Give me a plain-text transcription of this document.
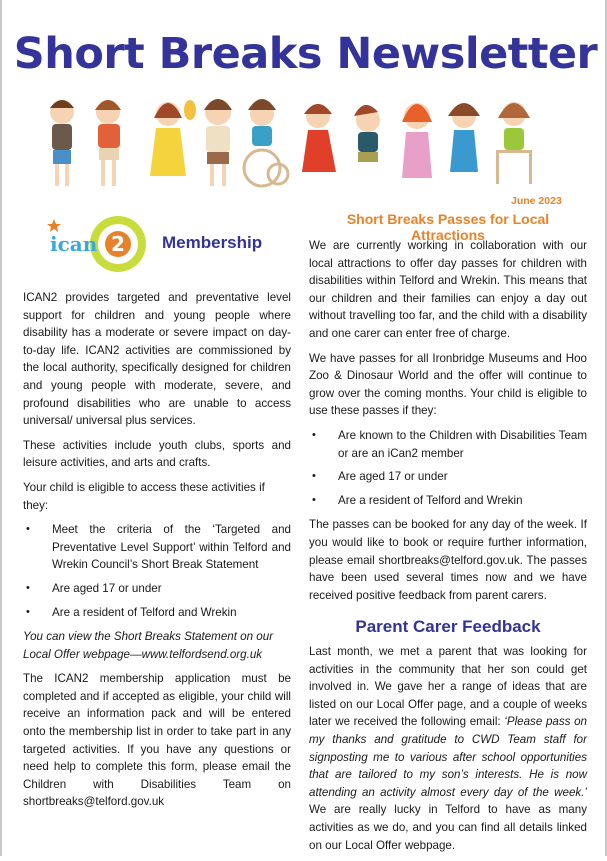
Short Breaks Newsletter
June 2023
2
ican	Membership

ICAN2 provides targeted and preventative level support for children and young people where disability has a moderate or severe impact on day-to-day life. ICAN2 activities are commissioned by the local authority, specifically designed for children and young people with moderate, severe, and profound disabilities who are unable to access universal/ universal plus services.

These activities include youth clubs, sports and leisure activities, and arts and crafts.

Your child is eligible to access these activities if they:

• Meet the criteria of the ‘Targeted and Preventative Level Support’ within Telford and Wrekin Council’s Short Break Statement
• Are aged 17 or under
• Are a resident of Telford and Wrekin

You can view the Short Breaks Statement on our Local Offer webpage—www.telfordsend.org.uk

The ICAN2 membership application must be completed and if accepted as eligible, your child will receive an information pack and will be entered onto the membership list in order to take part in any targeted activities. If you have any questions or need help to complete this form, please email the Children with Disabilities Team on shortbreaks@telford.gov.uk

Short Breaks Passes for Local Attractions

We are currently working in collaboration with our local attractions to offer day passes for children with disabilities within Telford and Wrekin. This means that our children and their families can enjoy a day out without travelling too far, and the child with a disability and one carer can enter free of charge.

We have passes for all Ironbridge Museums and Hoo Zoo & Dinosaur World and the offer will continue to grow over the coming months. Your child is eligible to use these passes if they:

• Are known to the Children with Disabilities Team or are an iCan2 member
• Are aged 17 or under
• Are a resident of Telford and Wrekin

The passes can be booked for any day of the week. If you would like to book or require further information, please email shortbreaks@telford.gov.uk. The passes have been used several times now and we have received positive feedback from parent carers.

Parent Carer Feedback

Last month, we met a parent that was looking for activities in the community that her son could get involved in. We gave her a range of ideas that are listed on our Local Offer page, and a couple of weeks later we received the following email: ‘Please pass on my thanks and gratitude to CWD Team staff for signposting me to various after school opportunities that are tailored to my son’s interests. He is now attending an activity almost every day of the week.’ We are really lucky in Telford to have as many activities as we do, and you can find all details linked on our Local Offer webpage.
